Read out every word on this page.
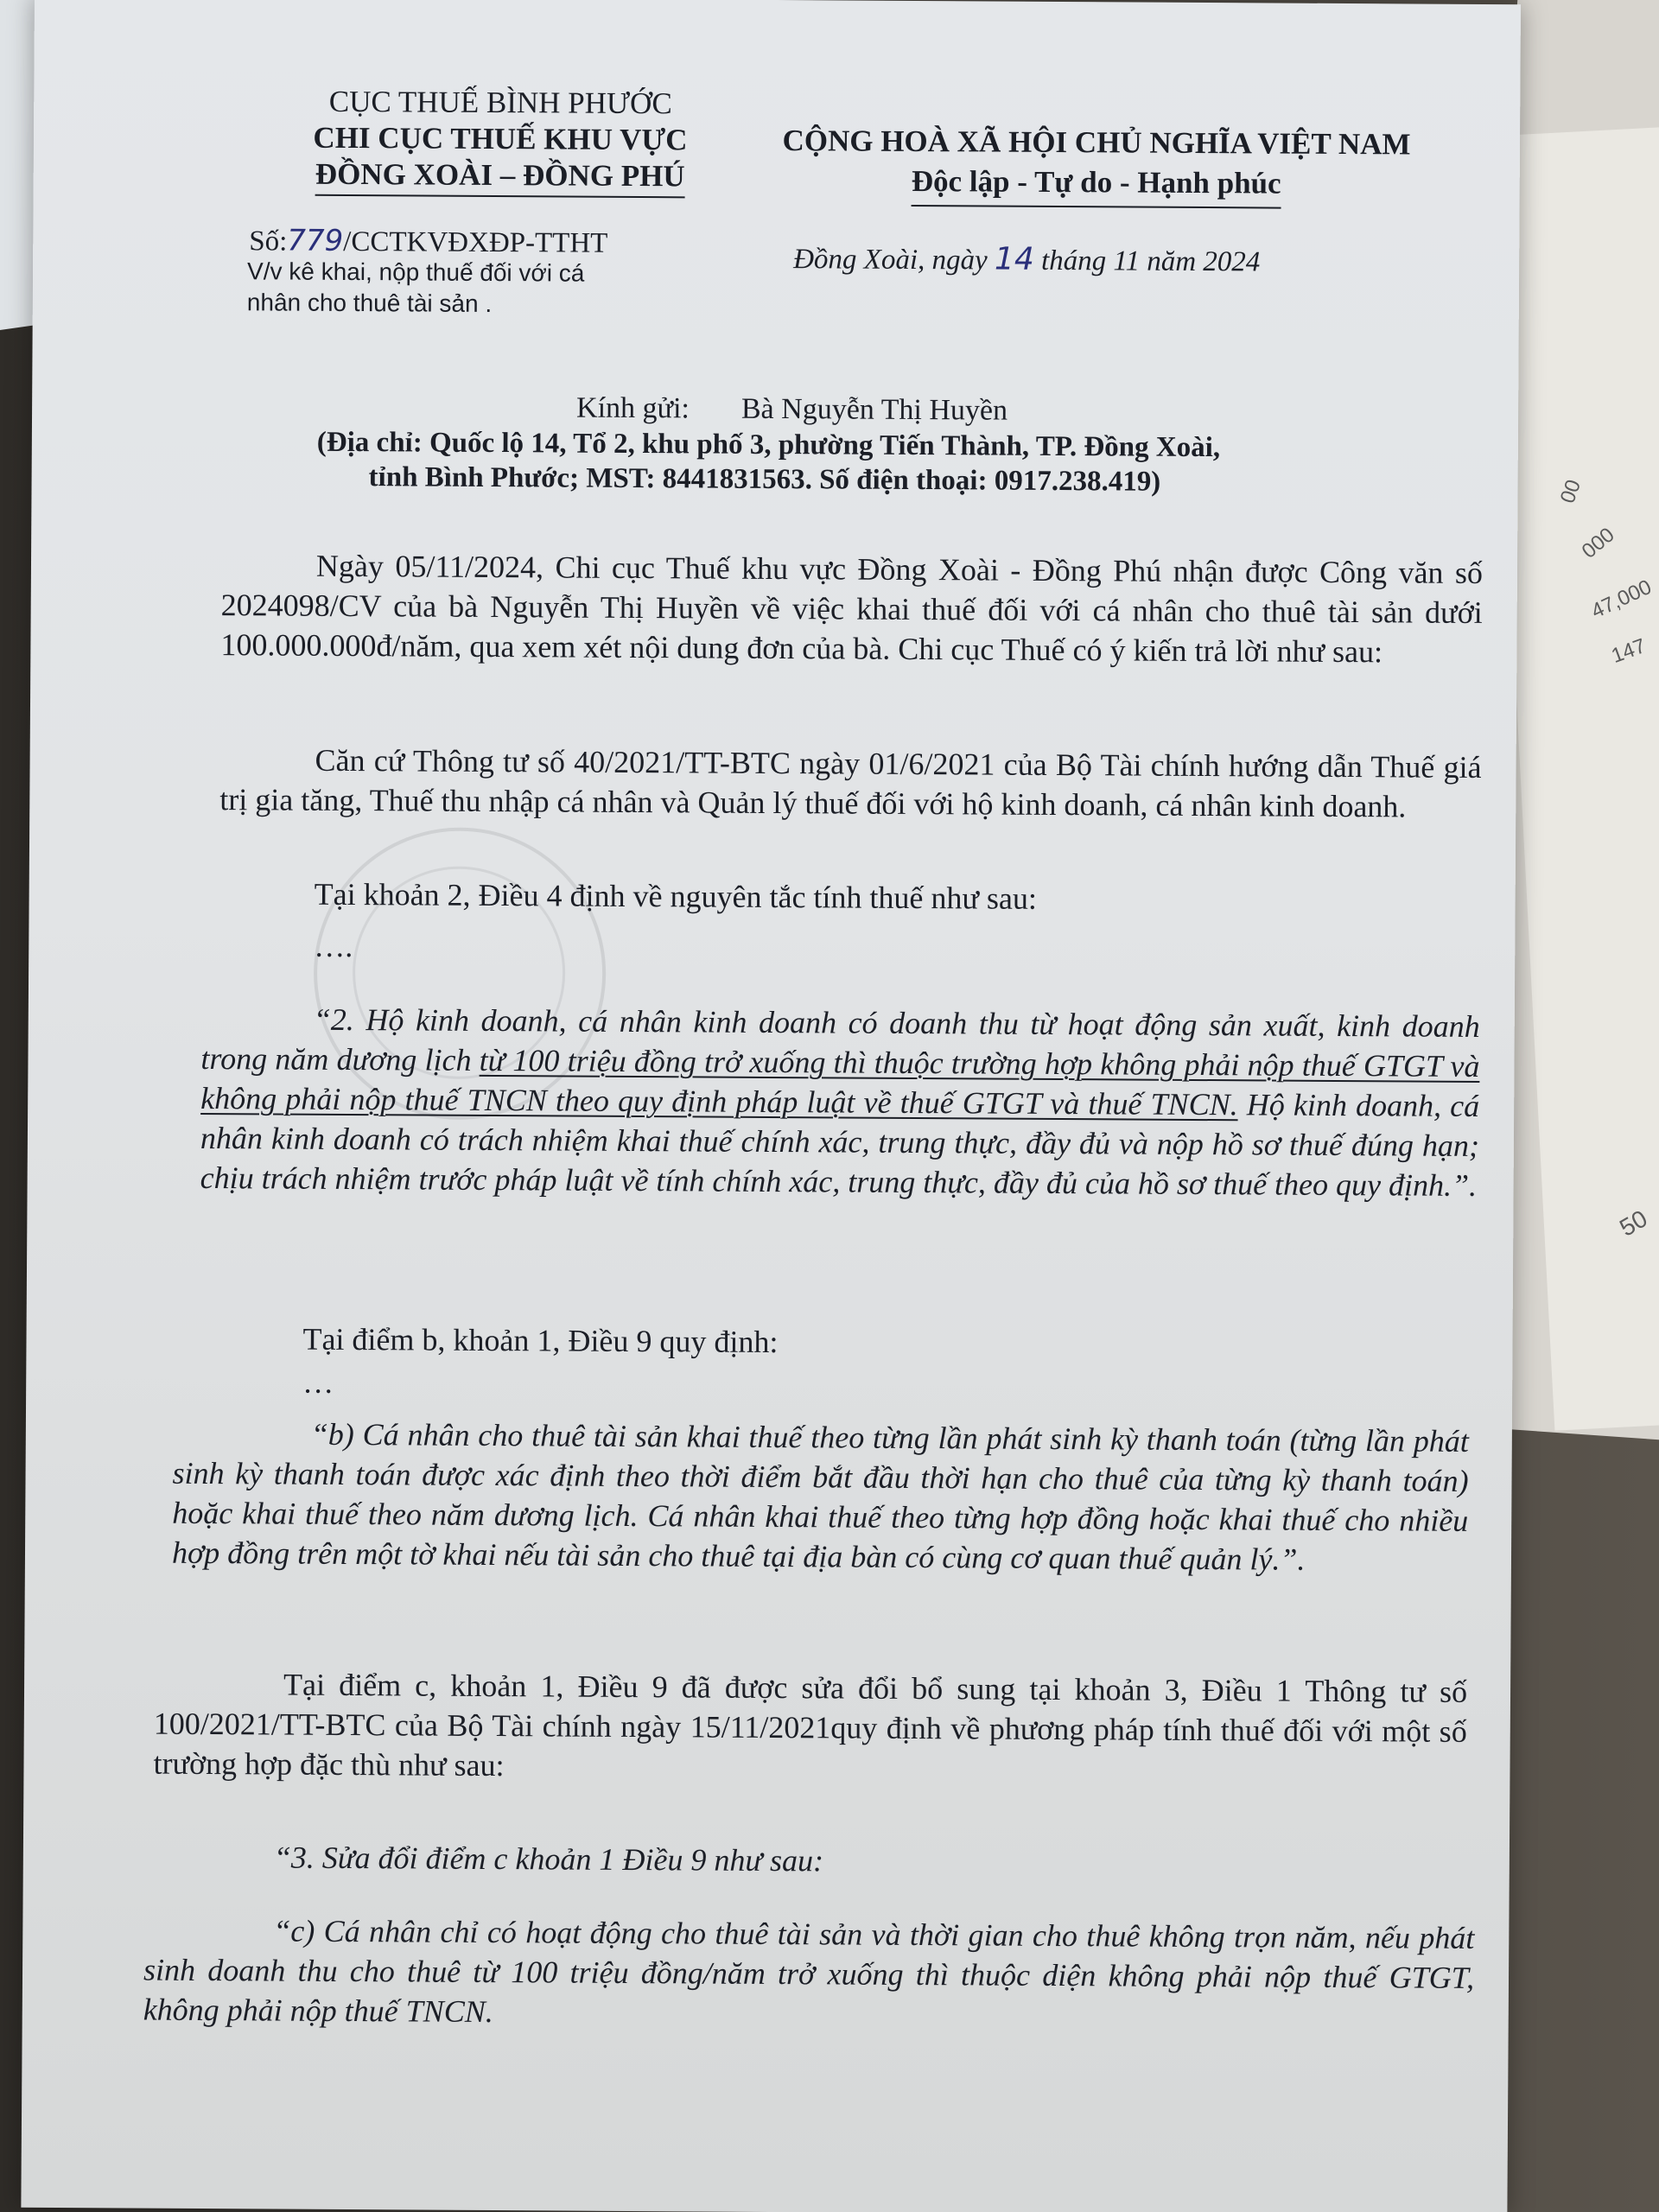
00
000
47,000
147
50
CỤC THUẾ BÌNH PHƯỚC
CHI CỤC THUẾ KHU VỰC
ĐỒNG XOÀI – ĐỒNG PHÚ
Số:779/CCTKVĐXĐP-TTHT
V/v kê khai, nộp thuế đối với cá
nhân cho thuê tài sản .
CỘNG HOÀ XÃ HỘI CHỦ NGHĨA VIỆT NAM
Độc lập - Tự do - Hạnh phúc
Đồng Xoài, ngày 14 tháng 11 năm 2024
Kính gửi: Bà Nguyễn Thị Huyền
(Địa chỉ: Quốc lộ 14, Tổ 2, khu phố 3, phường Tiến Thành, TP. Đồng Xoài,
tỉnh Bình Phước; MST: 8441831563. Số điện thoại: 0917.238.419)
Ngày 05/11/2024, Chi cục Thuế khu vực Đồng Xoài - Đồng Phú nhận được Công văn số 2024098/CV của bà Nguyễn Thị Huyền về việc khai thuế đối với cá nhân cho thuê tài sản dưới 100.000.000đ/năm, qua xem xét nội dung đơn của bà. Chi cục Thuế có ý kiến trả lời như sau:
Căn cứ Thông tư số 40/2021/TT-BTC ngày 01/6/2021 của Bộ Tài chính hướng dẫn Thuế giá trị gia tăng, Thuế thu nhập cá nhân và Quản lý thuế đối với hộ kinh doanh, cá nhân kinh doanh.
Tại khoản 2, Điều 4 định về nguyên tắc tính thuế như sau:
….
“2. Hộ kinh doanh, cá nhân kinh doanh có doanh thu từ hoạt động sản xuất, kinh doanh trong năm dương lịch từ 100 triệu đồng trở xuống thì thuộc trường hợp không phải nộp thuế GTGT và không phải nộp thuế TNCN theo quy định pháp luật về thuế GTGT và thuế TNCN. Hộ kinh doanh, cá nhân kinh doanh có trách nhiệm khai thuế chính xác, trung thực, đầy đủ và nộp hồ sơ thuế đúng hạn; chịu trách nhiệm trước pháp luật về tính chính xác, trung thực, đầy đủ của hồ sơ thuế theo quy định.”.
Tại điểm b, khoản 1, Điều 9 quy định:
…
“b) Cá nhân cho thuê tài sản khai thuế theo từng lần phát sinh kỳ thanh toán (từng lần phát sinh kỳ thanh toán được xác định theo thời điểm bắt đầu thời hạn cho thuê của từng kỳ thanh toán) hoặc khai thuế theo năm dương lịch. Cá nhân khai thuế theo từng hợp đồng hoặc khai thuế cho nhiều hợp đồng trên một tờ khai nếu tài sản cho thuê tại địa bàn có cùng cơ quan thuế quản lý.”.
Tại điểm c, khoản 1, Điều 9 đã được sửa đổi bổ sung tại khoản 3, Điều 1 Thông tư số 100/2021/TT-BTC của Bộ Tài chính ngày 15/11/2021quy định về phương pháp tính thuế đối với một số trường hợp đặc thù như sau:
“3. Sửa đổi điểm c khoản 1 Điều 9 như sau:
“c) Cá nhân chỉ có hoạt động cho thuê tài sản và thời gian cho thuê không trọn năm, nếu phát sinh doanh thu cho thuê từ 100 triệu đồng/năm trở xuống thì thuộc diện không phải nộp thuế GTGT, không phải nộp thuế TNCN.
